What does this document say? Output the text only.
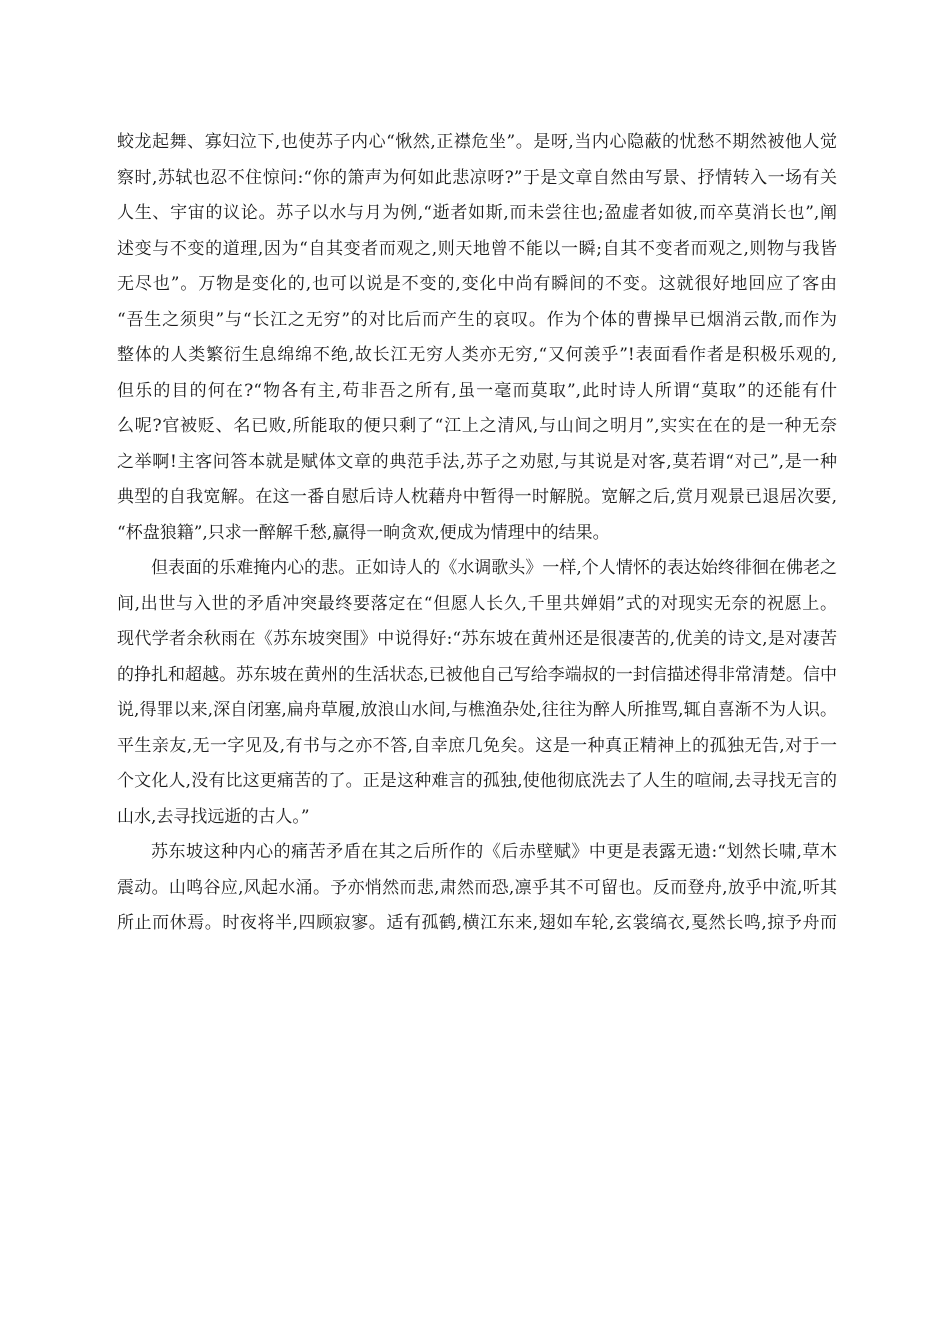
蛟龙起舞、寡妇泣下,也使苏子内心“愀然,正襟危坐”。是呀,当内心隐蔽的忧愁不期然被他人觉
察时,苏轼也忍不住惊问:“你的箫声为何如此悲凉呀?”于是文章自然由写景、抒情转入一场有关
人生、宇宙的议论。苏子以水与月为例,“逝者如斯,而未尝往也;盈虚者如彼,而卒莫消长也”,阐
述变与不变的道理,因为“自其变者而观之,则天地曾不能以一瞬;自其不变者而观之,则物与我皆
无尽也”。万物是变化的,也可以说是不变的,变化中尚有瞬间的不变。这就很好地回应了客由
“吾生之须臾”与“长江之无穷”的对比后而产生的哀叹。作为个体的曹操早已烟消云散,而作为
整体的人类繁衍生息绵绵不绝,故长江无穷人类亦无穷,“又何羡乎”!表面看作者是积极乐观的,
但乐的目的何在?“物各有主,苟非吾之所有,虽一毫而莫取”,此时诗人所谓“莫取”的还能有什
么呢?官被贬、名已败,所能取的便只剩了“江上之清风,与山间之明月”,实实在在的是一种无奈
之举啊!主客问答本就是赋体文章的典范手法,苏子之劝慰,与其说是对客,莫若谓“对己”,是一种
典型的自我宽解。在这一番自慰后诗人枕藉舟中暂得一时解脱。宽解之后,赏月观景已退居次要,
“杯盘狼籍”,只求一醉解千愁,赢得一晌贪欢,便成为情理中的结果。
但表面的乐难掩内心的悲。正如诗人的《水调歌头》一样,个人情怀的表达始终徘徊在佛老之
间,出世与入世的矛盾冲突最终要落定在“但愿人长久,千里共婵娟”式的对现实无奈的祝愿上。
现代学者余秋雨在《苏东坡突围》中说得好:“苏东坡在黄州还是很凄苦的,优美的诗文,是对凄苦
的挣扎和超越。苏东坡在黄州的生活状态,已被他自己写给李端叔的一封信描述得非常清楚。信中
说,得罪以来,深自闭塞,扁舟草履,放浪山水间,与樵渔杂处,往往为醉人所推骂,辄自喜渐不为人识。
平生亲友,无一字见及,有书与之亦不答,自幸庶几免矣。这是一种真正精神上的孤独无告,对于一
个文化人,没有比这更痛苦的了。正是这种难言的孤独,使他彻底洗去了人生的喧闹,去寻找无言的
山水,去寻找远逝的古人。”
苏东坡这种内心的痛苦矛盾在其之后所作的《后赤壁赋》中更是表露无遗:“划然长啸,草木
震动。山鸣谷应,风起水涌。予亦悄然而悲,肃然而恐,凛乎其不可留也。反而登舟,放乎中流,听其
所止而休焉。时夜将半,四顾寂寥。适有孤鹤,横江东来,翅如车轮,玄裳缟衣,戛然长鸣,掠予舟而
